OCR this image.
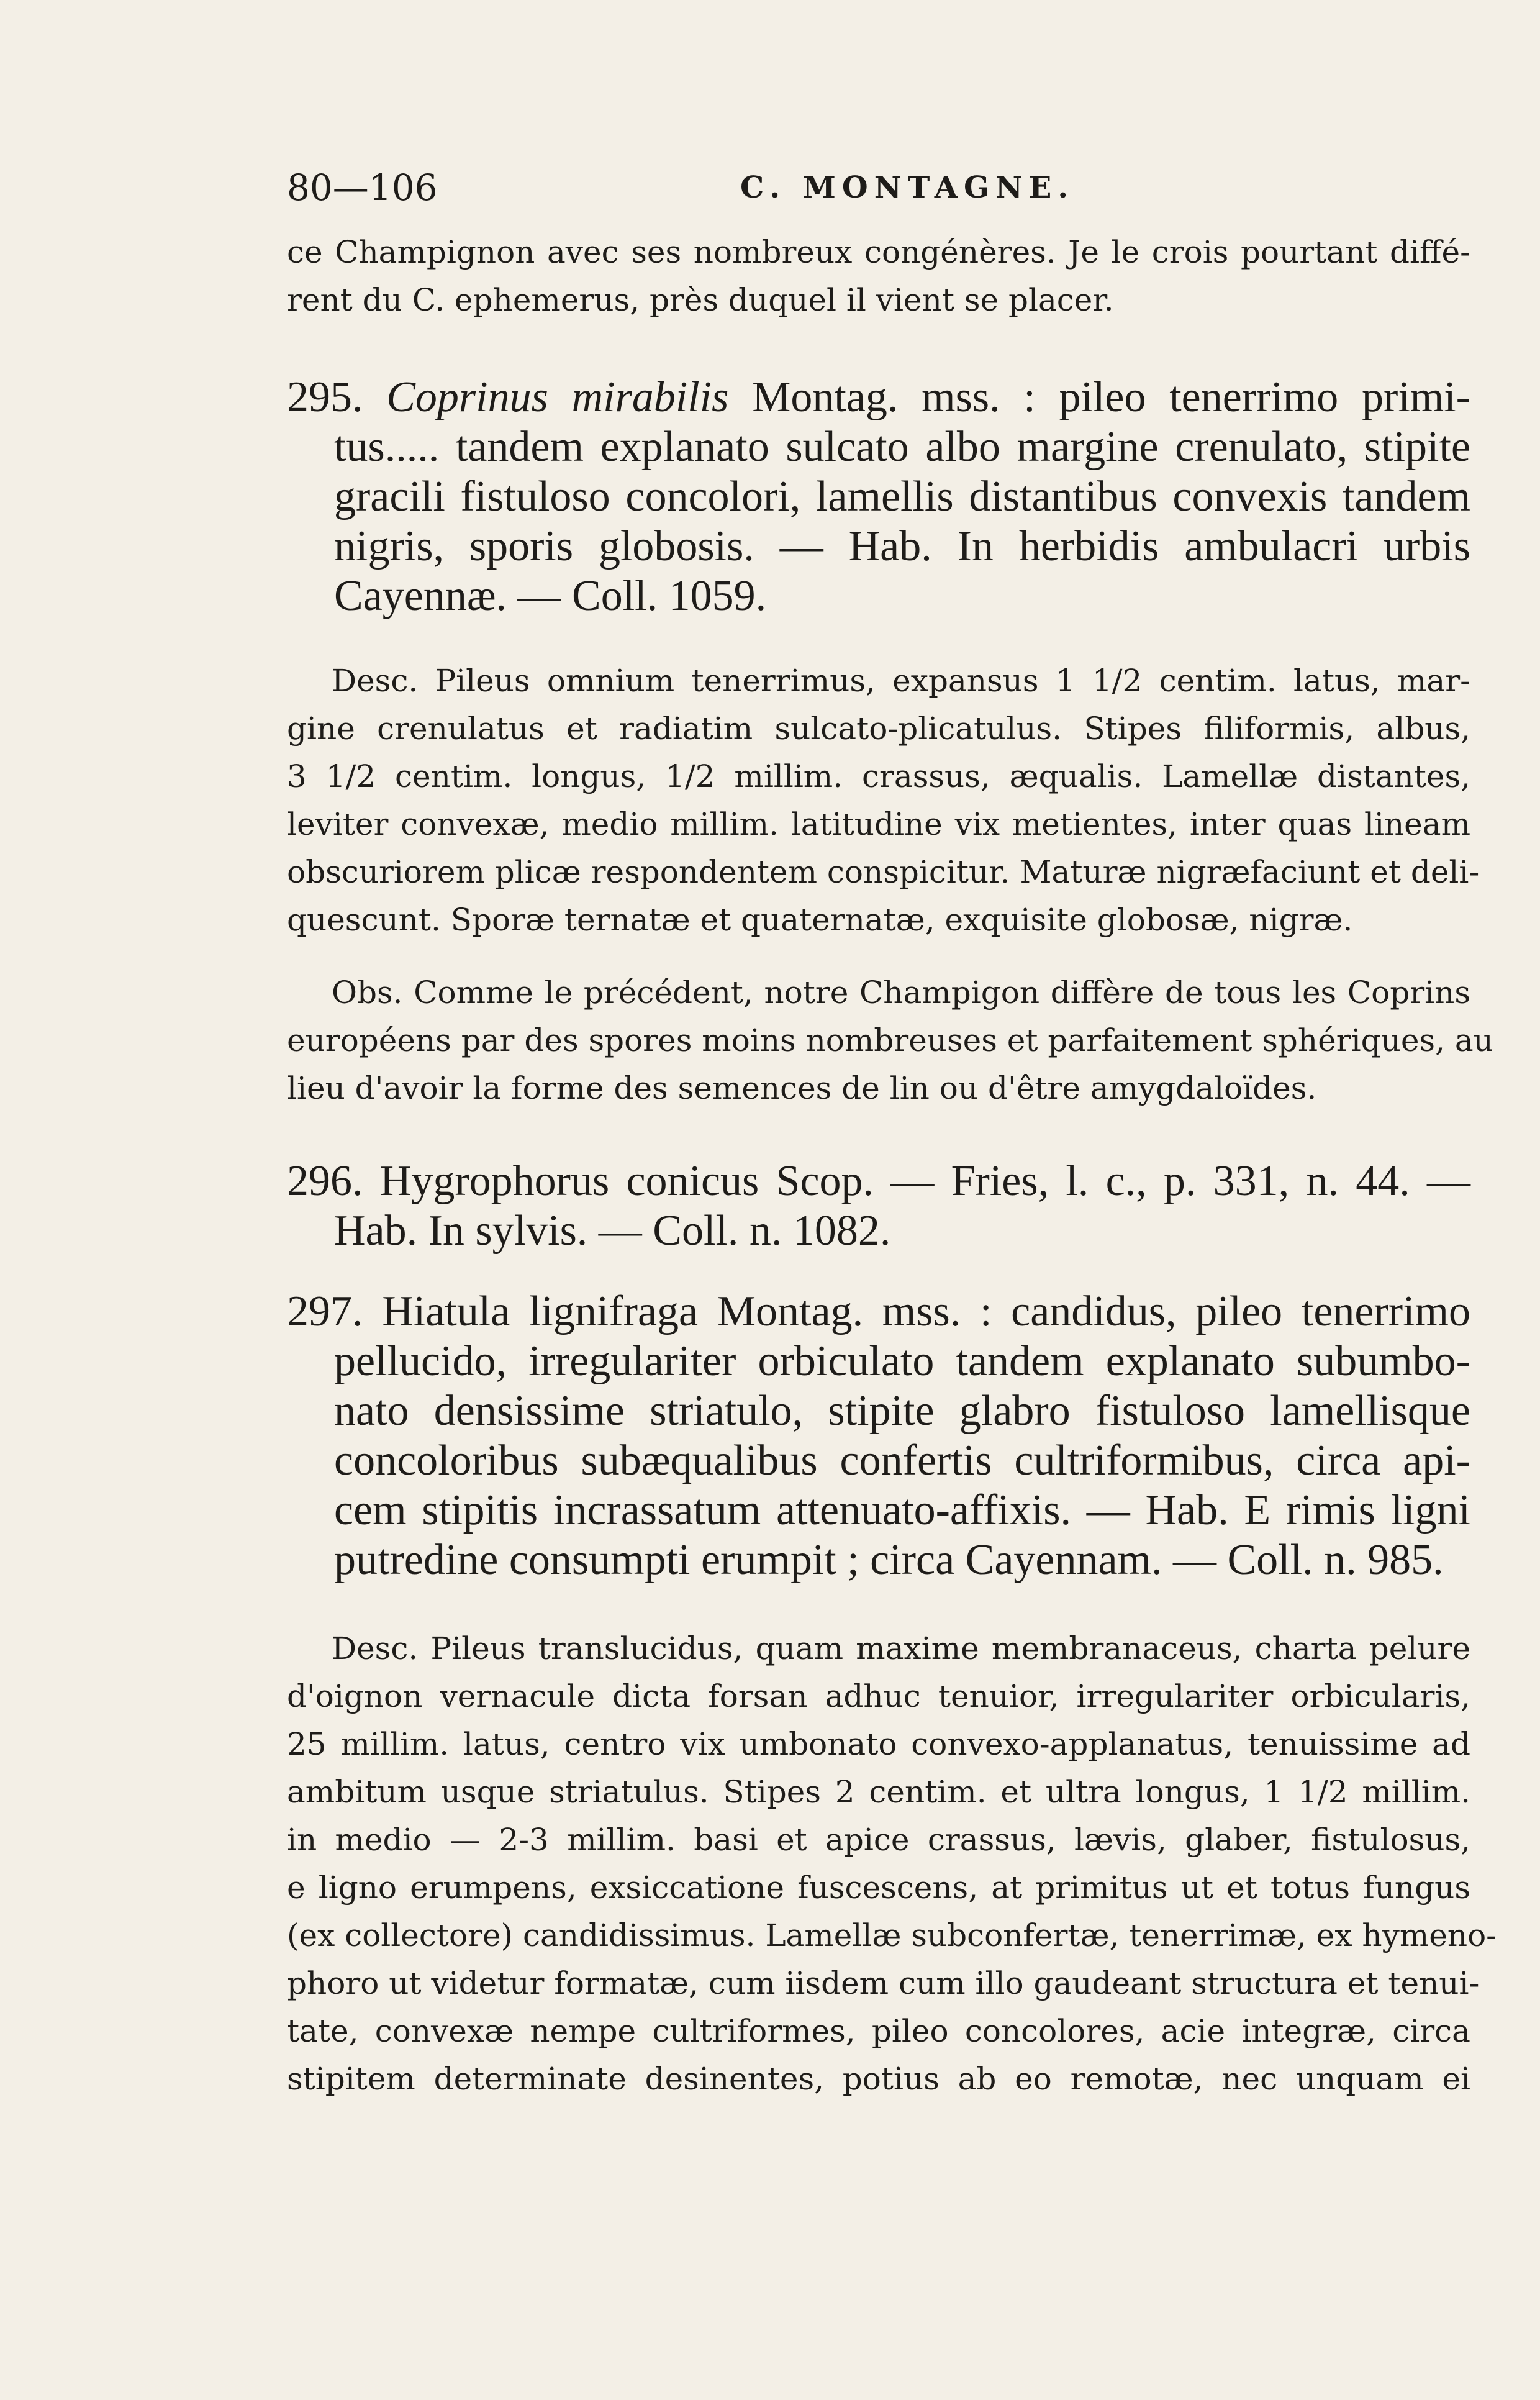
80—106	C. MONTAGNE.
ce Champignon avec ses nombreux congénères. Je le crois pourtant diffé-
rent du C. ephemerus, près duquel il vient se placer.
295. Coprinus mirabilis Montag. mss. : pileo tenerrimo primi-
tus..... tandem explanato sulcato albo margine crenulato, stipite
gracili fistuloso concolori, lamellis distantibus convexis tandem
nigris, sporis globosis. — Hab. In herbidis ambulacri urbis
Cayennæ. — Coll. 1059.
Desc. Pileus omnium tenerrimus, expansus 1 1/2 centim. latus, mar-
gine crenulatus et radiatim sulcato-plicatulus. Stipes filiformis, albus,
3 1/2 centim. longus, 1/2 millim. crassus, æqualis. Lamellæ distantes,
leviter convexæ, medio millim. latitudine vix metientes, inter quas lineam
obscuriorem plicæ respondentem conspicitur. Maturæ nigræfaciunt et deli-
quescunt. Sporæ ternatæ et quaternatæ, exquisite globosæ, nigræ.
Obs. Comme le précédent, notre Champigon diffère de tous les Coprins
européens par des spores moins nombreuses et parfaitement sphériques, au
lieu d'avoir la forme des semences de lin ou d'être amygdaloïdes.
296. Hygrophorus conicus Scop. — Fries, l. c., p. 331, n. 44. —
Hab. In sylvis. — Coll. n. 1082.
297. Hiatula lignifraga Montag. mss. : candidus, pileo tenerrimo
pellucido, irregulariter orbiculato tandem explanato subumbo-
nato densissime striatulo, stipite glabro fistuloso lamellisque
concoloribus subæqualibus confertis cultriformibus, circa api-
cem stipitis incrassatum attenuato-affixis. — Hab. E rimis ligni
putredine consumpti erumpit ; circa Cayennam. — Coll. n. 985.
Desc. Pileus translucidus, quam maxime membranaceus, charta pelure
d'oignon vernacule dicta forsan adhuc tenuior, irregulariter orbicularis,
25 millim. latus, centro vix umbonato convexo-applanatus, tenuissime ad
ambitum usque striatulus. Stipes 2 centim. et ultra longus, 1 1/2 millim.
in medio — 2-3 millim. basi et apice crassus, lævis, glaber, fistulosus,
e ligno erumpens, exsiccatione fuscescens, at primitus ut et totus fungus
(ex collectore) candidissimus. Lamellæ subconfertæ, tenerrimæ, ex hymeno-
phoro ut videtur formatæ, cum iisdem cum illo gaudeant structura et tenui-
tate, convexæ nempe cultriformes, pileo concolores, acie integræ, circa
stipitem determinate desinentes, potius ab eo remotæ, nec unquam ei
